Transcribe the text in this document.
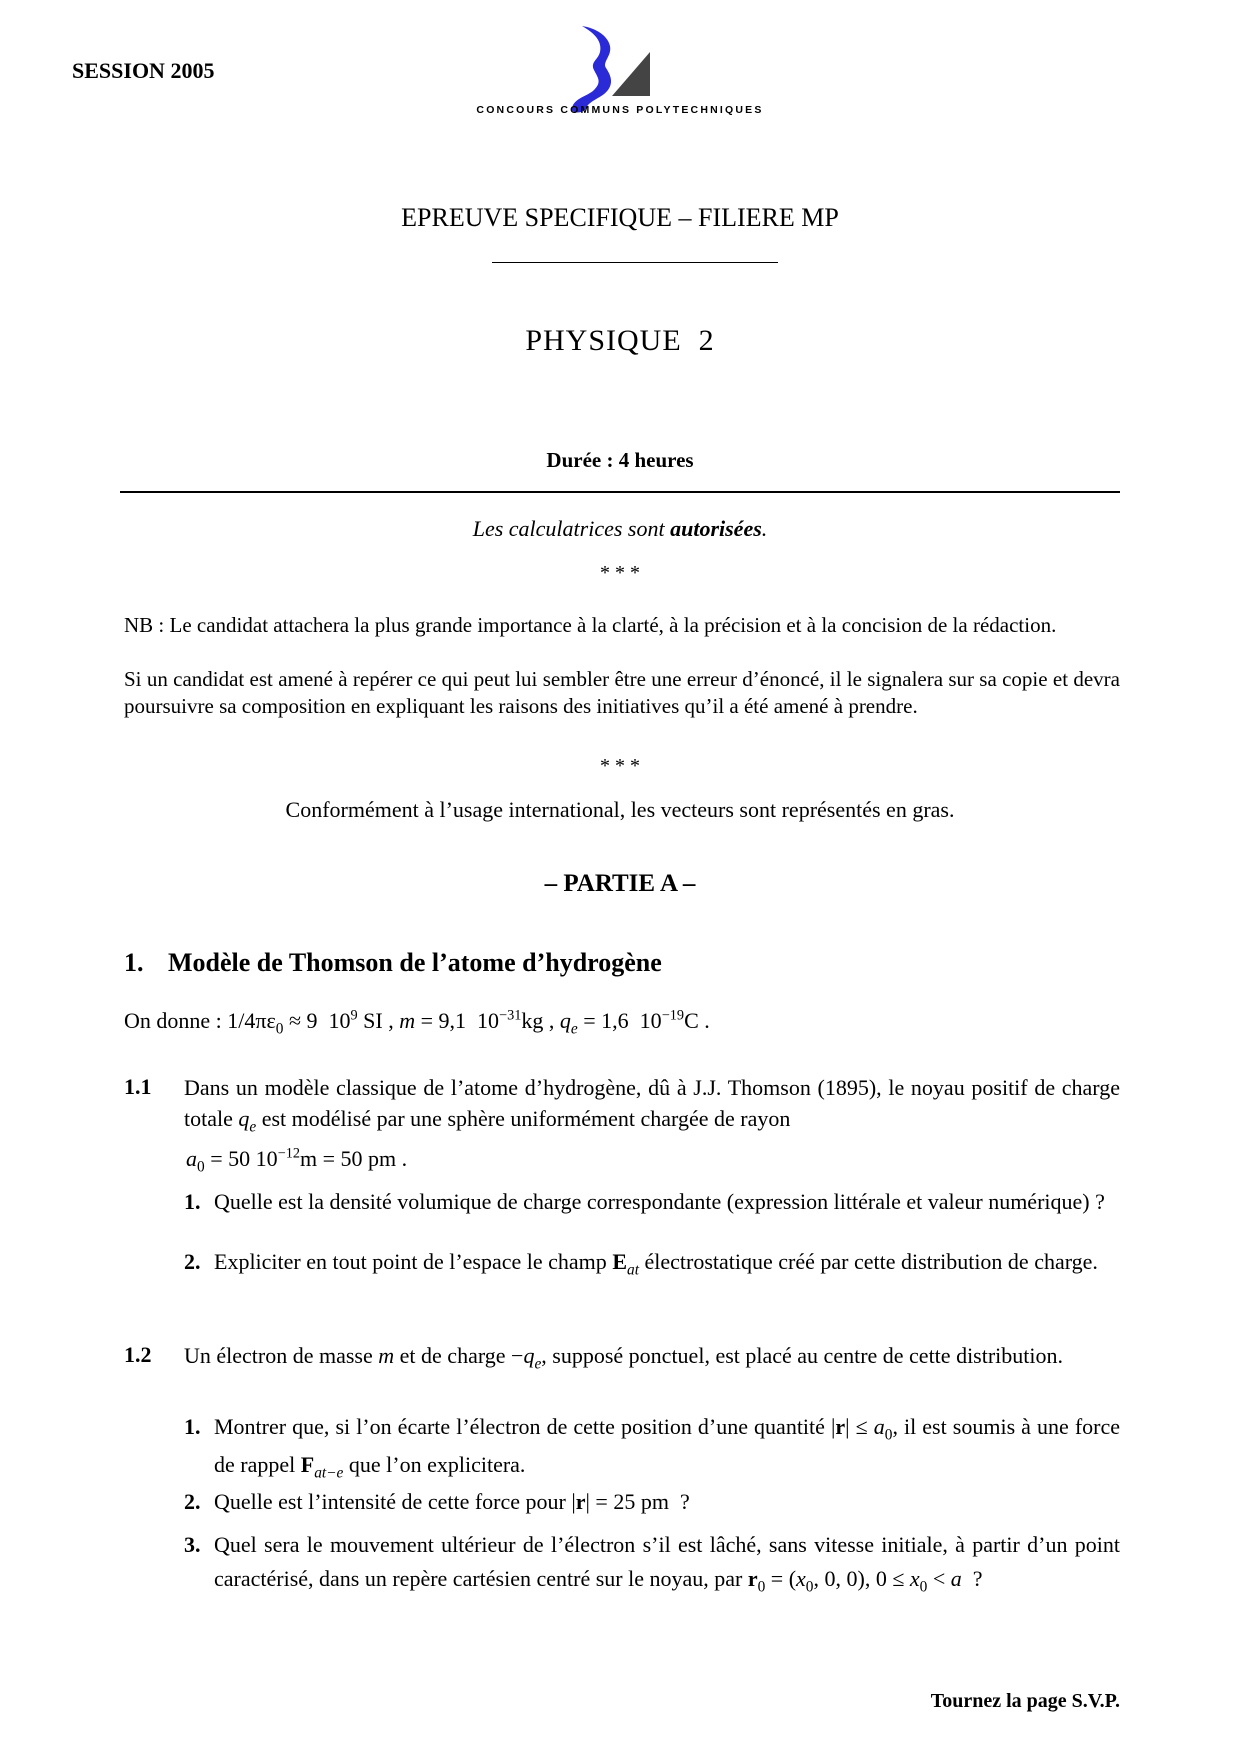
SESSION 2005
CONCOURS COMMUNS POLYTECHNIQUES
EPREUVE SPECIFIQUE – FILIERE MP
PHYSIQUE  2
Durée : 4 heures
Les calculatrices sont autorisées.
* * *
NB : Le candidat attachera la plus grande importance à la clarté, à la précision et à la concision de la rédaction.
Si un candidat est amené à repérer ce qui peut lui sembler être une erreur d’énoncé, il le signalera sur sa copie et devra poursuivre sa composition en expliquant les raisons des initiatives qu’il a été amené à prendre.
* * *
Conformément à l’usage international, les vecteurs sont représentés en gras.
– PARTIE A –
1. Modèle de Thomson de l’atome d’hydrogène
On donne : $1/4\pi\varepsilon_0 \approx 9$  $10^9$ SI , m = 9,1  $10^{-31}kg$ , $q_e = 1,6$  $10^{-19}C$ .
1.1 Dans un modèle classique de l’atome d’hydrogène, dû à J.J. Thomson (1895), le noyau positif de charge totale $q_e$ est modélisé par une sphère uniformément chargée de rayon
$a_0 = 50$ $10^{-12}m = 50$ pm .
1. Quelle est la densité volumique de charge correspondante (expression littérale et valeur numérique) ?
2. Expliciter en tout point de l’espace le champ $E_{at}$ électrostatique créé par cette distribution de charge.
1.2 Un électron de masse m et de charge $-q_e$, supposé ponctuel, est placé au centre de cette distribution.
1. Montrer que, si l’on écarte l’électron de cette position d’une quantité $|r| \le a_0$, il est soumis à une force de rappel $F_{at-e}$ que l’on explicitera.
2. Quelle est l’intensité de cette force pour |r| = 25 pm  ?
3. Quel sera le mouvement ultérieur de l’électron s’il est lâché, sans vitesse initiale, à partir d’un point caractérisé, dans un repère cartésien centré sur le noyau, par $r_0 = (x_0$, 0, 0), $0 \le x_0 < a$  ?
Tournez la page S.V.P.
